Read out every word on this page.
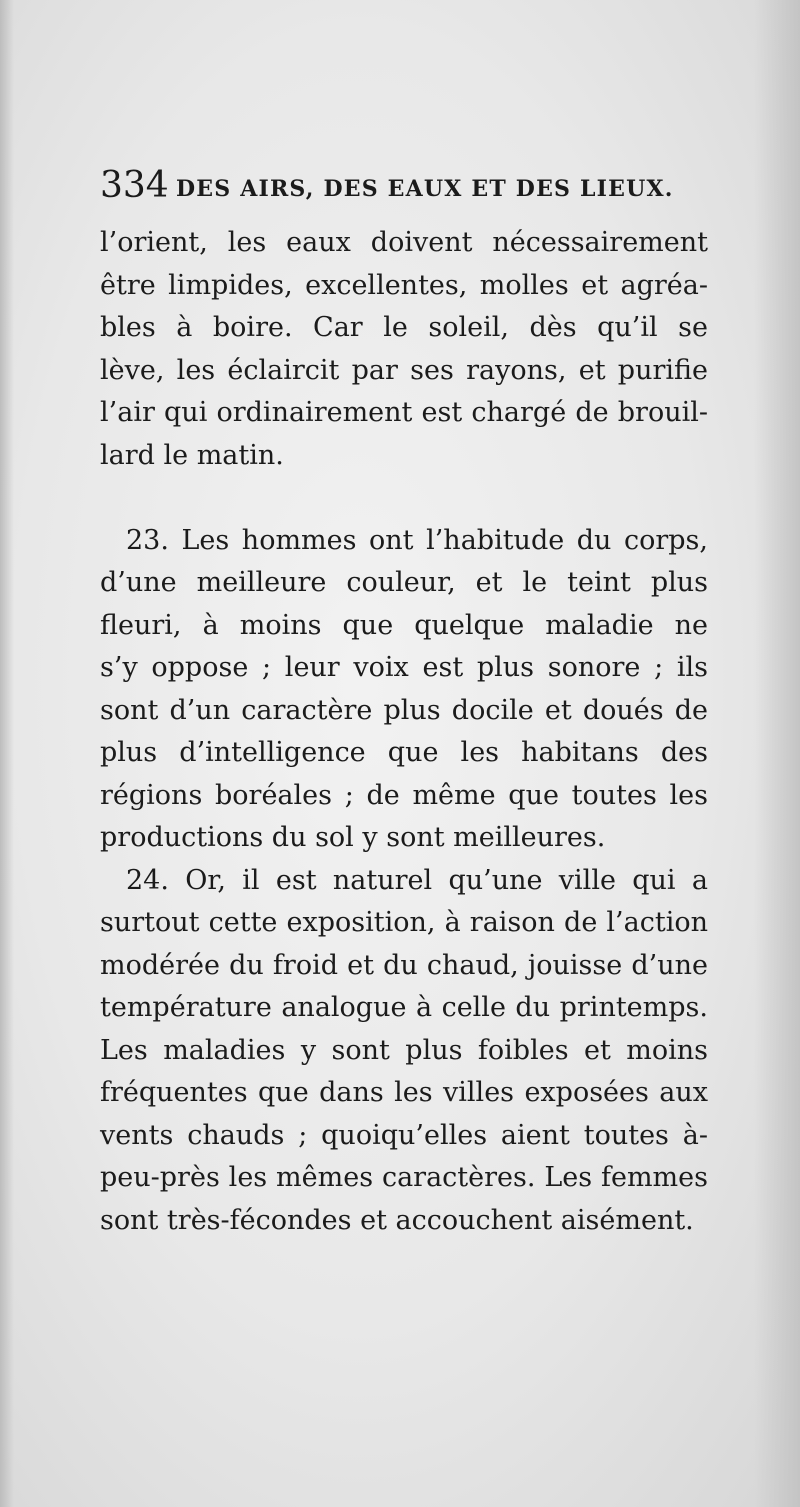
334 DES AIRS, DES EAUX ET DES LIEUX.
l’orient, les eaux doivent nécessairement
être limpides, excellentes, molles et agréa-
bles à boire. Car le soleil, dès qu’il se
lève, les éclaircit par ses rayons, et purifie
l’air qui ordinairement est chargé de brouil-
lard le matin.
23. Les hommes ont l’habitude du corps,
d’une meilleure couleur, et le teint plus
fleuri, à moins que quelque maladie ne
s’y oppose ; leur voix est plus sonore ; ils
sont d’un caractère plus docile et doués de
plus d’intelligence que les habitans des
régions boréales ; de même que toutes les
productions du sol y sont meilleures.
24. Or, il est naturel qu’une ville qui a
surtout cette exposition, à raison de l’action
modérée du froid et du chaud, jouisse d’une
température analogue à celle du printemps.
Les maladies y sont plus foibles et moins
fréquentes que dans les villes exposées aux
vents chauds ; quoiqu’elles aient toutes à-
peu-près les mêmes caractères. Les femmes
sont très-fécondes et accouchent aisément.
